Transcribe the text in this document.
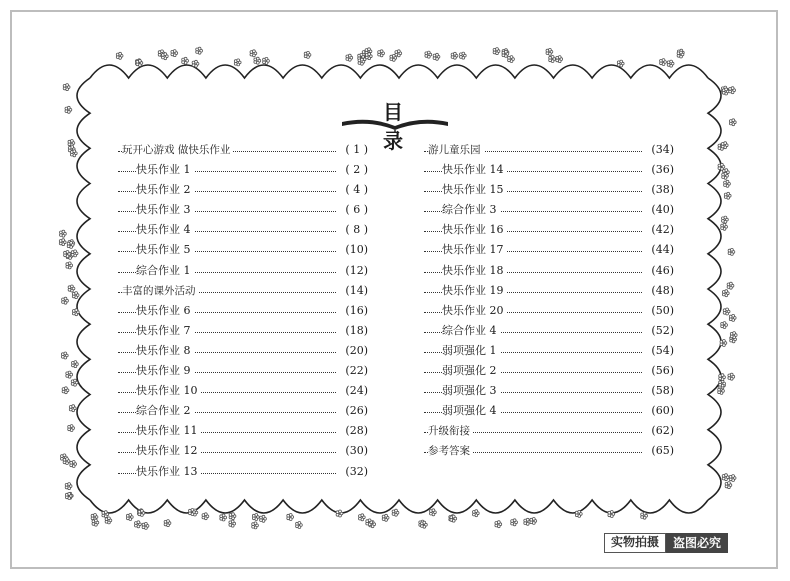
目 录
玩开心游戏 做快乐作业	( 1 )
快乐作业 1	( 2 )
快乐作业 2	( 4 )
快乐作业 3	( 6 )
快乐作业 4	( 8 )
快乐作业 5	(10)
综合作业 1	(12)
丰富的课外活动	(14)
快乐作业 6	(16)
快乐作业 7	(18)
快乐作业 8	(20)
快乐作业 9	(22)
快乐作业 10	(24)
综合作业 2	(26)
快乐作业 11	(28)
快乐作业 12	(30)
快乐作业 13	(32)
游儿童乐园	(34)
快乐作业 14	(36)
快乐作业 15	(38)
综合作业 3	(40)
快乐作业 16	(42)
快乐作业 17	(44)
快乐作业 18	(46)
快乐作业 19	(48)
快乐作业 20	(50)
综合作业 4	(52)
弱项强化 1	(54)
弱项强化 2	(56)
弱项强化 3	(58)
弱项强化 4	(60)
升级衔接	(62)
参考答案	(65)
实物拍摄	盗图必究
